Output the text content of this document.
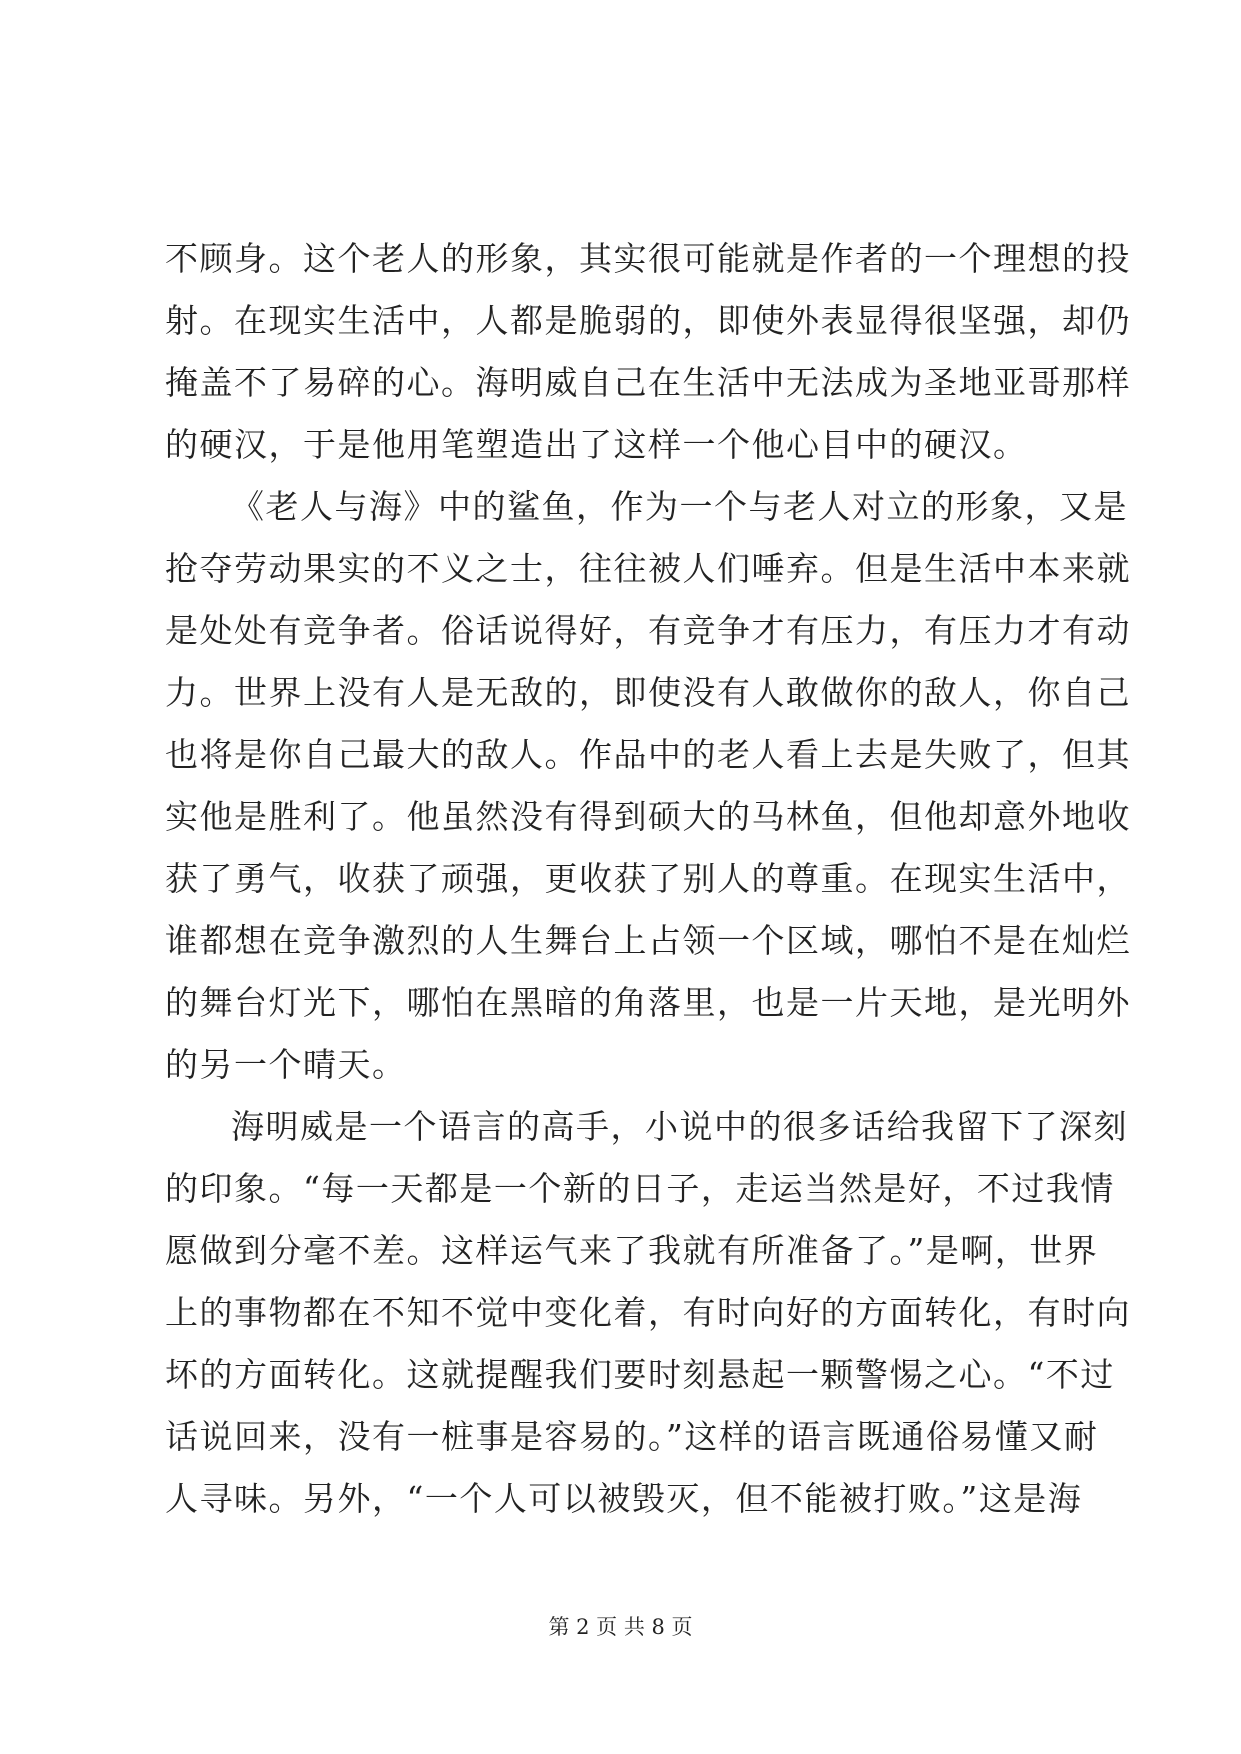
不顾身。这个老人的形象，其实很可能就是作者的一个理想的投
射。在现实生活中，人都是脆弱的，即使外表显得很坚强，却仍
掩盖不了易碎的心。海明威自己在生活中无法成为圣地亚哥那样
的硬汉，于是他用笔塑造出了这样一个他心目中的硬汉。
《老人与海》中的鲨鱼，作为一个与老人对立的形象，又是
抢夺劳动果实的不义之士，往往被人们唾弃。但是生活中本来就
是处处有竞争者。俗话说得好，有竞争才有压力，有压力才有动
力。世界上没有人是无敌的，即使没有人敢做你的敌人，你自己
也将是你自己最大的敌人。作品中的老人看上去是失败了，但其
实他是胜利了。他虽然没有得到硕大的马林鱼，但他却意外地收
获了勇气，收获了顽强，更收获了别人的尊重。在现实生活中，
谁都想在竞争激烈的人生舞台上占领一个区域，哪怕不是在灿烂
的舞台灯光下，哪怕在黑暗的角落里，也是一片天地，是光明外
的另一个晴天。
海明威是一个语言的高手，小说中的很多话给我留下了深刻
的印象。“每一天都是一个新的日子，走运当然是好，不过我情
愿做到分毫不差。这样运气来了我就有所准备了。”是啊，世界
上的事物都在不知不觉中变化着，有时向好的方面转化，有时向
坏的方面转化。这就提醒我们要时刻悬起一颗警惕之心。“不过
话说回来，没有一桩事是容易的。”这样的语言既通俗易懂又耐
人寻味。另外，“一个人可以被毁灭，但不能被打败。”这是海
第 2 页 共 8 页
